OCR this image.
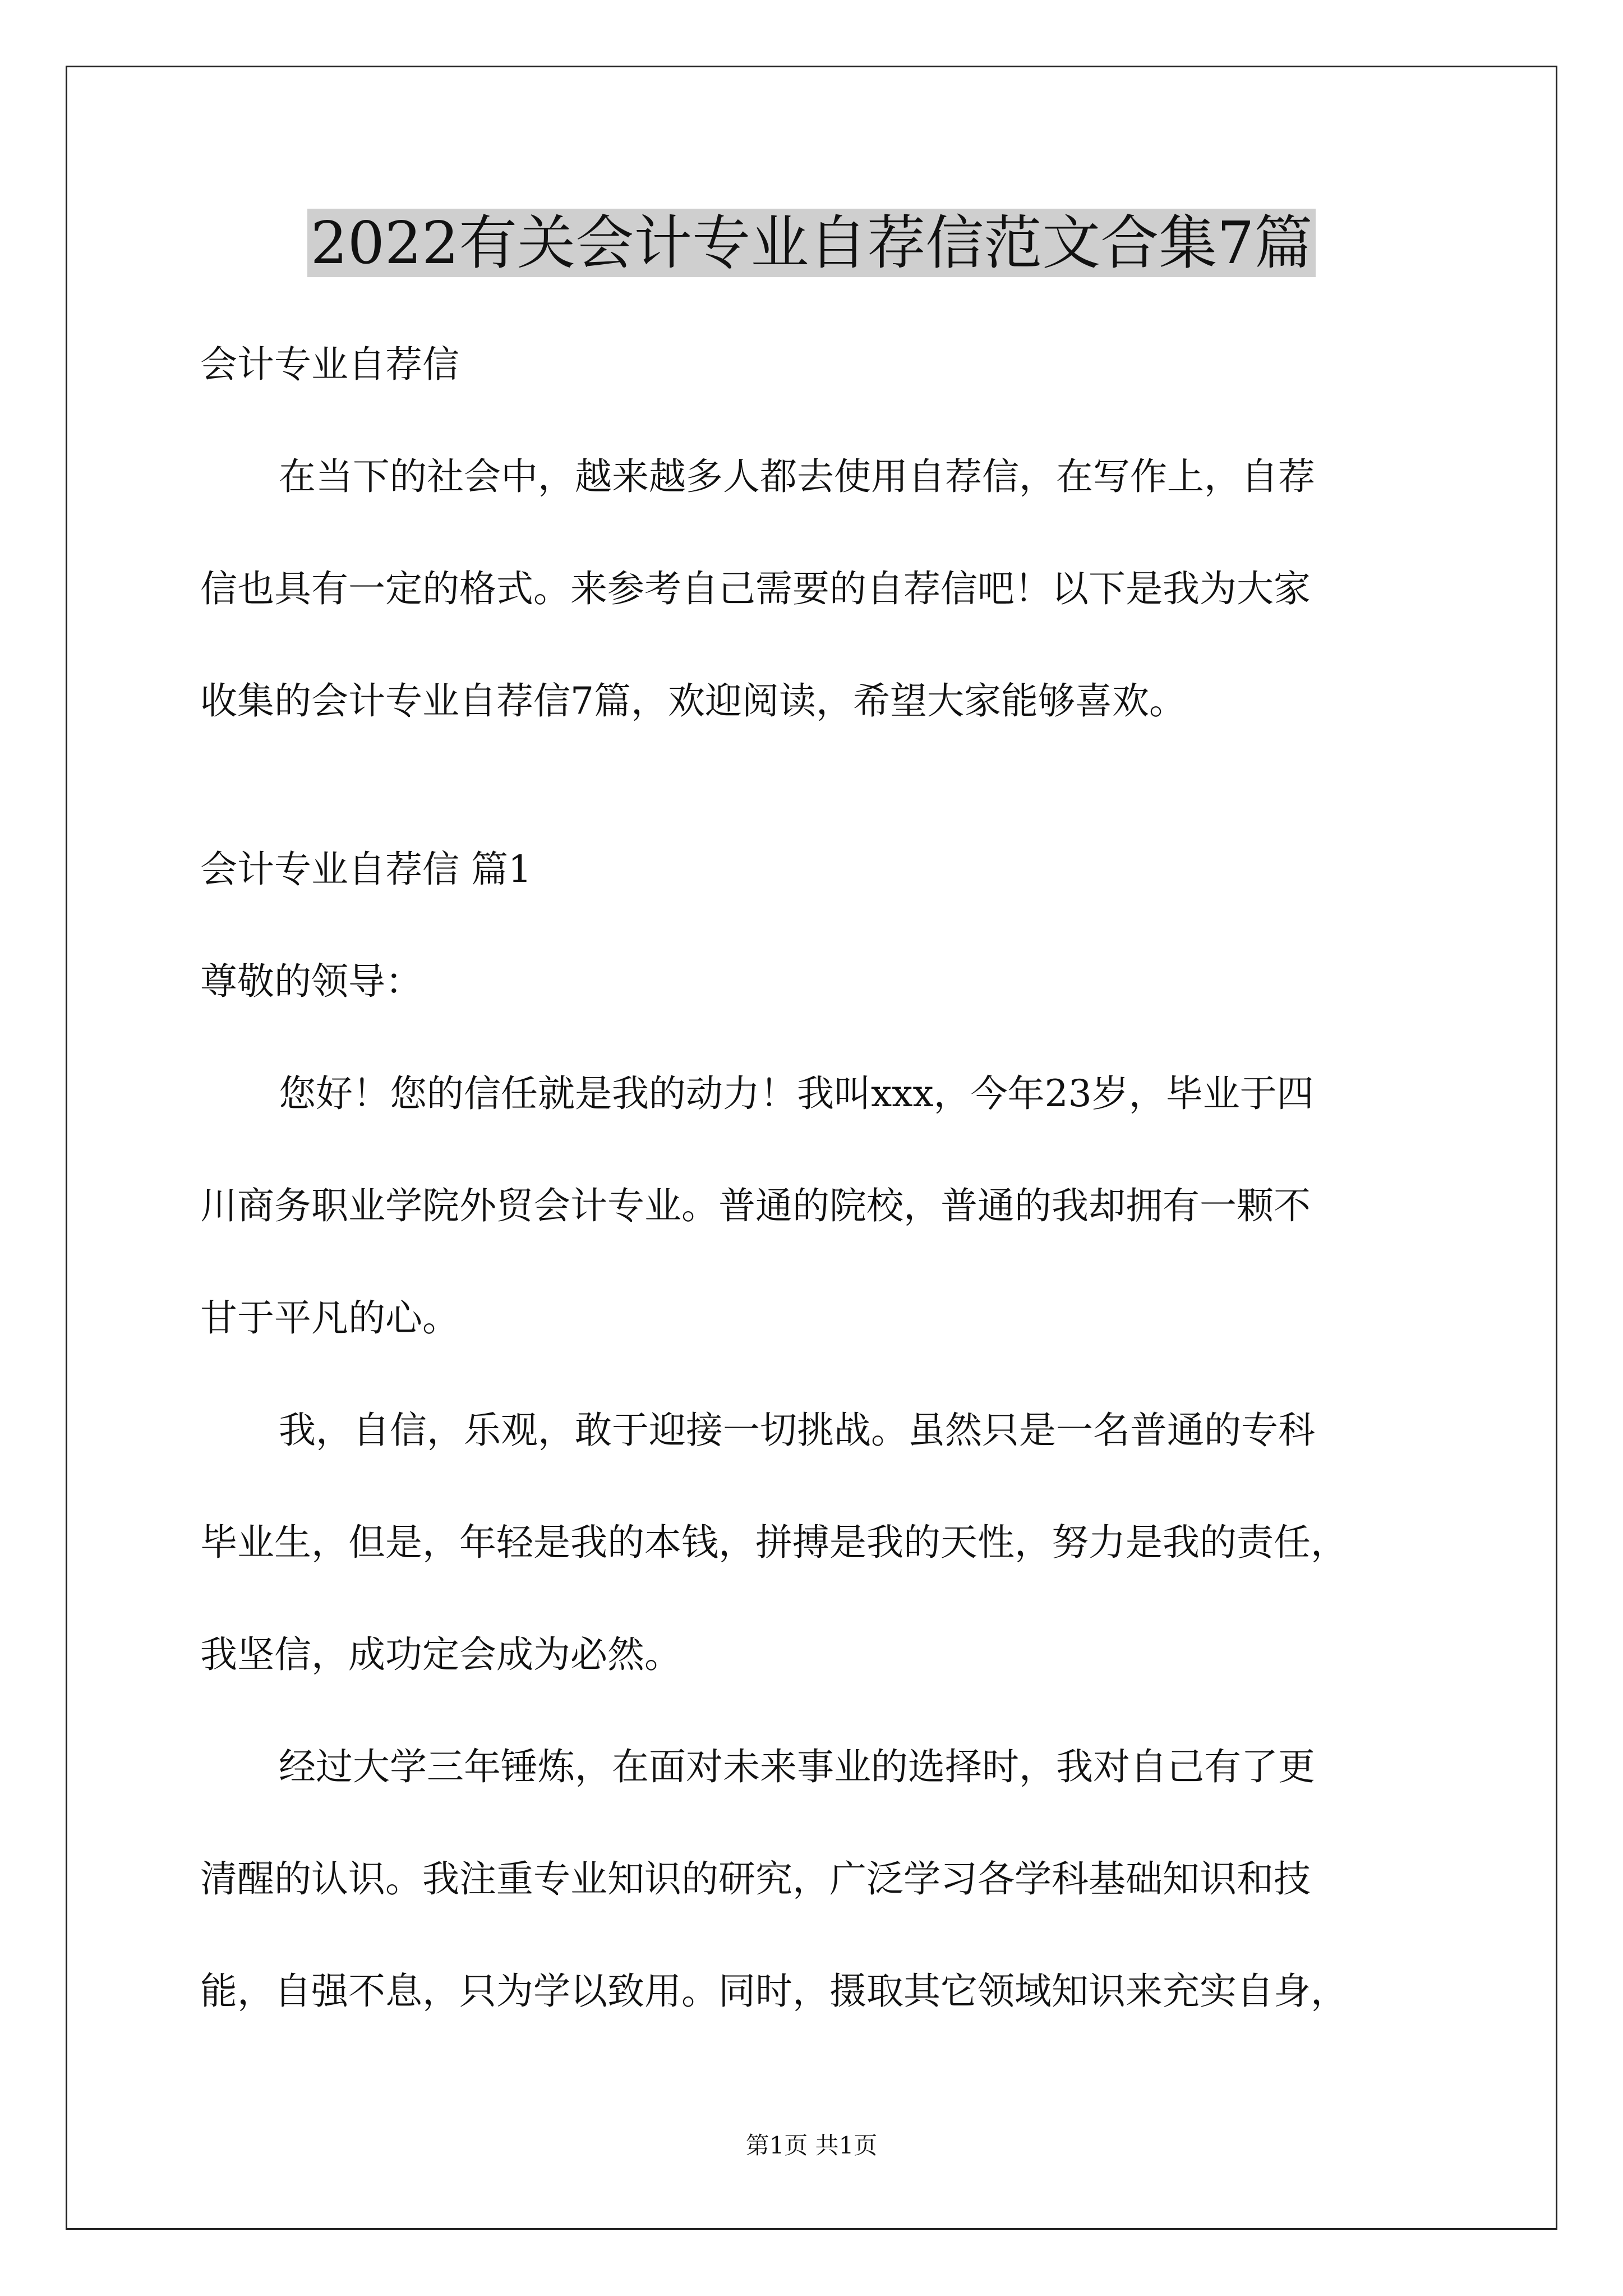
2022有关会计专业自荐信范文合集7篇

会计专业自荐信

在当下的社会中，越来越多人都去使用自荐信，在写作上，自荐

信也具有一定的格式。来参考自己需要的自荐信吧！以下是我为大家

收集的会计专业自荐信7篇，欢迎阅读，希望大家能够喜欢。

会计专业自荐信 篇1

尊敬的领导：

您好！您的信任就是我的动力！我叫xxx，今年23岁，毕业于四

川商务职业学院外贸会计专业。普通的院校，普通的我却拥有一颗不

甘于平凡的心。

我，自信，乐观，敢于迎接一切挑战。虽然只是一名普通的专科

毕业生，但是，年轻是我的本钱，拼搏是我的天性，努力是我的责任，

我坚信，成功定会成为必然。

经过大学三年锤炼，在面对未来事业的选择时，我对自己有了更

清醒的认识。我注重专业知识的研究，广泛学习各学科基础知识和技

能，自强不息，只为学以致用。同时，摄取其它领域知识来充实自身，

第1页 共1页
